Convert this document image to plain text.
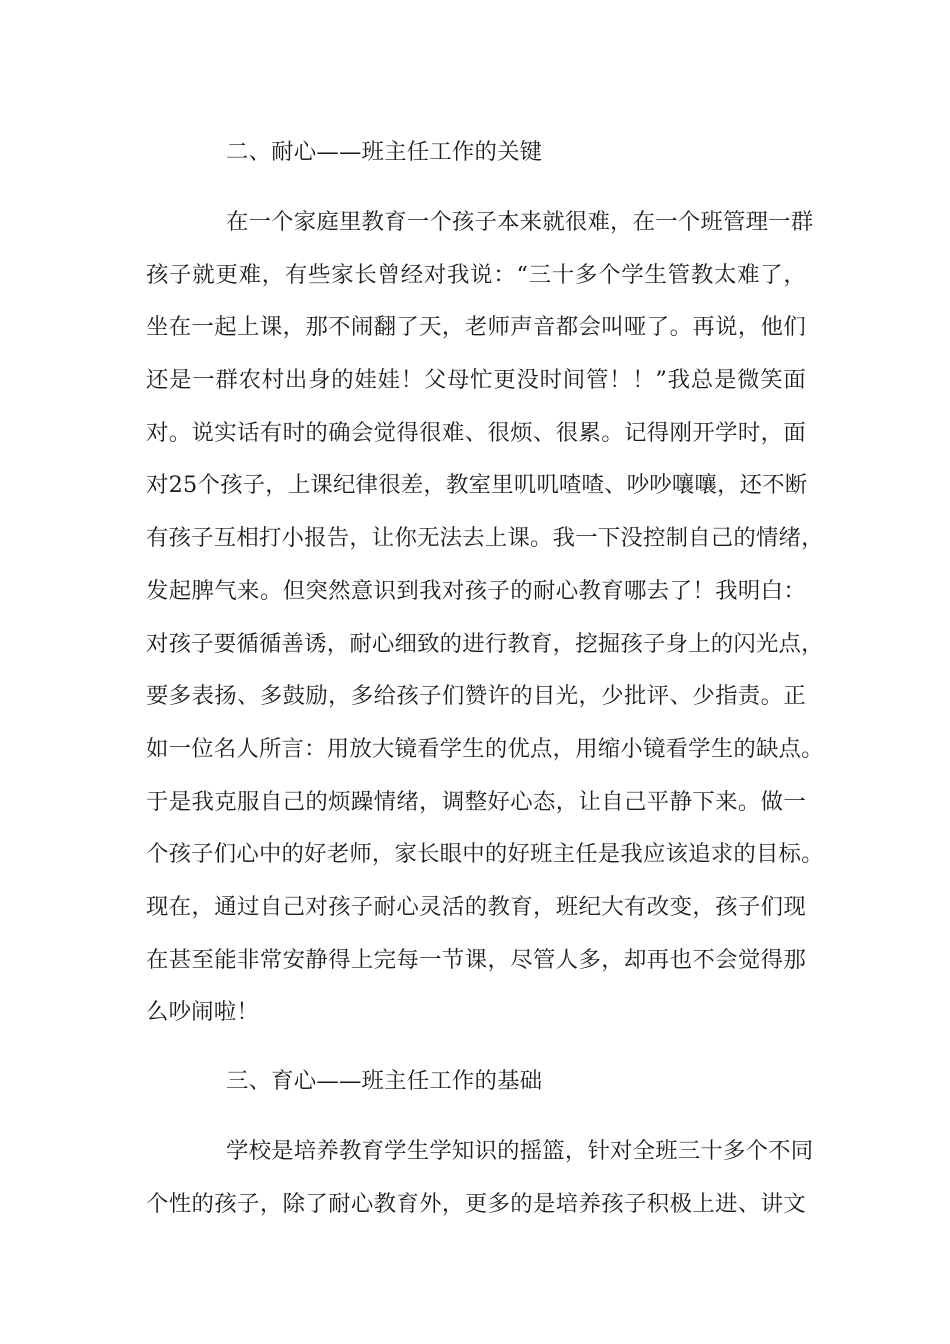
二、耐心——班主任工作的关键
在一个家庭里教育一个孩子本来就很难，在一个班管理一群
孩子就更难，有些家长曾经对我说：“三十多个学生管教太难了，
坐在一起上课，那不闹翻了天，老师声音都会叫哑了。再说，他们
还是一群农村出身的娃娃！父母忙更没时间管！！”我总是微笑面
对。说实话有时的确会觉得很难、很烦、很累。记得刚开学时，面
对25个孩子，上课纪律很差，教室里叽叽喳喳、吵吵嚷嚷，还不断
有孩子互相打小报告，让你无法去上课。我一下没控制自己的情绪，
发起脾气来。但突然意识到我对孩子的耐心教育哪去了！我明白：
对孩子要循循善诱，耐心细致的进行教育，挖掘孩子身上的闪光点，
要多表扬、多鼓励，多给孩子们赞许的目光，少批评、少指责。正
如一位名人所言：用放大镜看学生的优点，用缩小镜看学生的缺点。
于是我克服自己的烦躁情绪，调整好心态，让自己平静下来。做一
个孩子们心中的好老师，家长眼中的好班主任是我应该追求的目标。
现在，通过自己对孩子耐心灵活的教育，班纪大有改变，孩子们现
在甚至能非常安静得上完每一节课，尽管人多，却再也不会觉得那
么吵闹啦！
三、育心——班主任工作的基础
学校是培养教育学生学知识的摇篮，针对全班三十多个不同
个性的孩子，除了耐心教育外，更多的是培养孩子积极上进、讲文
